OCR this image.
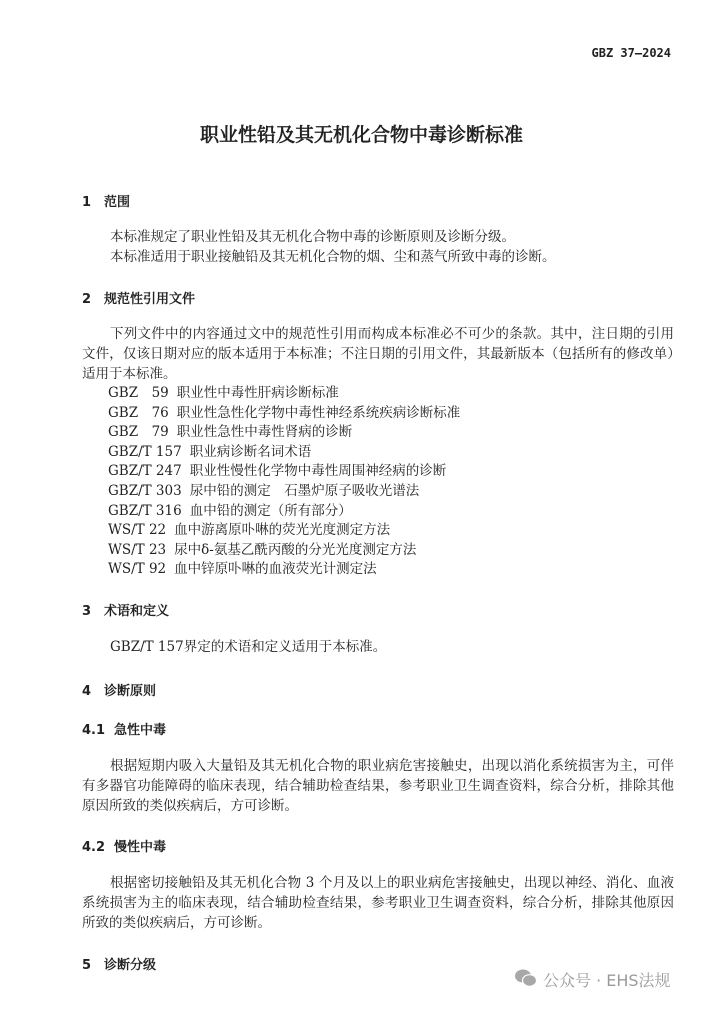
GBZ 37—2024
职业性铅及其无机化合物中毒诊断标准
1 范围
本标准规定了职业性铅及其无机化合物中毒的诊断原则及诊断分级。
本标准适用于职业接触铅及其无机化合物的烟、尘和蒸气所致中毒的诊断。
2 规范性引用文件
下列文件中的内容通过文中的规范性引用而构成本标准必不可少的条款。其中，注日期的引用文件，仅该日期对应的版本适用于本标准；不注日期的引用文件，其最新版本（包括所有的修改单）适用于本标准。
GBZ　59 职业性中毒性肝病诊断标准
GBZ　76 职业性急性化学物中毒性神经系统疾病诊断标准
GBZ　79 职业性急性中毒性肾病的诊断
GBZ/T 157 职业病诊断名词术语
GBZ/T 247 职业性慢性化学物中毒性周围神经病的诊断
GBZ/T 303 尿中铅的测定　石墨炉原子吸收光谱法
GBZ/T 316 血中铅的测定（所有部分）
WS/T 22 血中游离原卟啉的荧光光度测定方法
WS/T 23 尿中δ-氨基乙酰丙酸的分光光度测定方法
WS/T 92 血中锌原卟啉的血液荧光计测定法
3 术语和定义
GBZ/T 157界定的术语和定义适用于本标准。
4 诊断原则
4.1 急性中毒
根据短期内吸入大量铅及其无机化合物的职业病危害接触史，出现以消化系统损害为主，可伴有多器官功能障碍的临床表现，结合辅助检查结果，参考职业卫生调查资料，综合分析，排除其他原因所致的类似疾病后，方可诊断。
4.2 慢性中毒
根据密切接触铅及其无机化合物 3 个月及以上的职业病危害接触史，出现以神经、消化、血液系统损害为主的临床表现，结合辅助检查结果，参考职业卫生调查资料，综合分析，排除其他原因所致的类似疾病后，方可诊断。
5 诊断分级
公众号 · EHS法规
